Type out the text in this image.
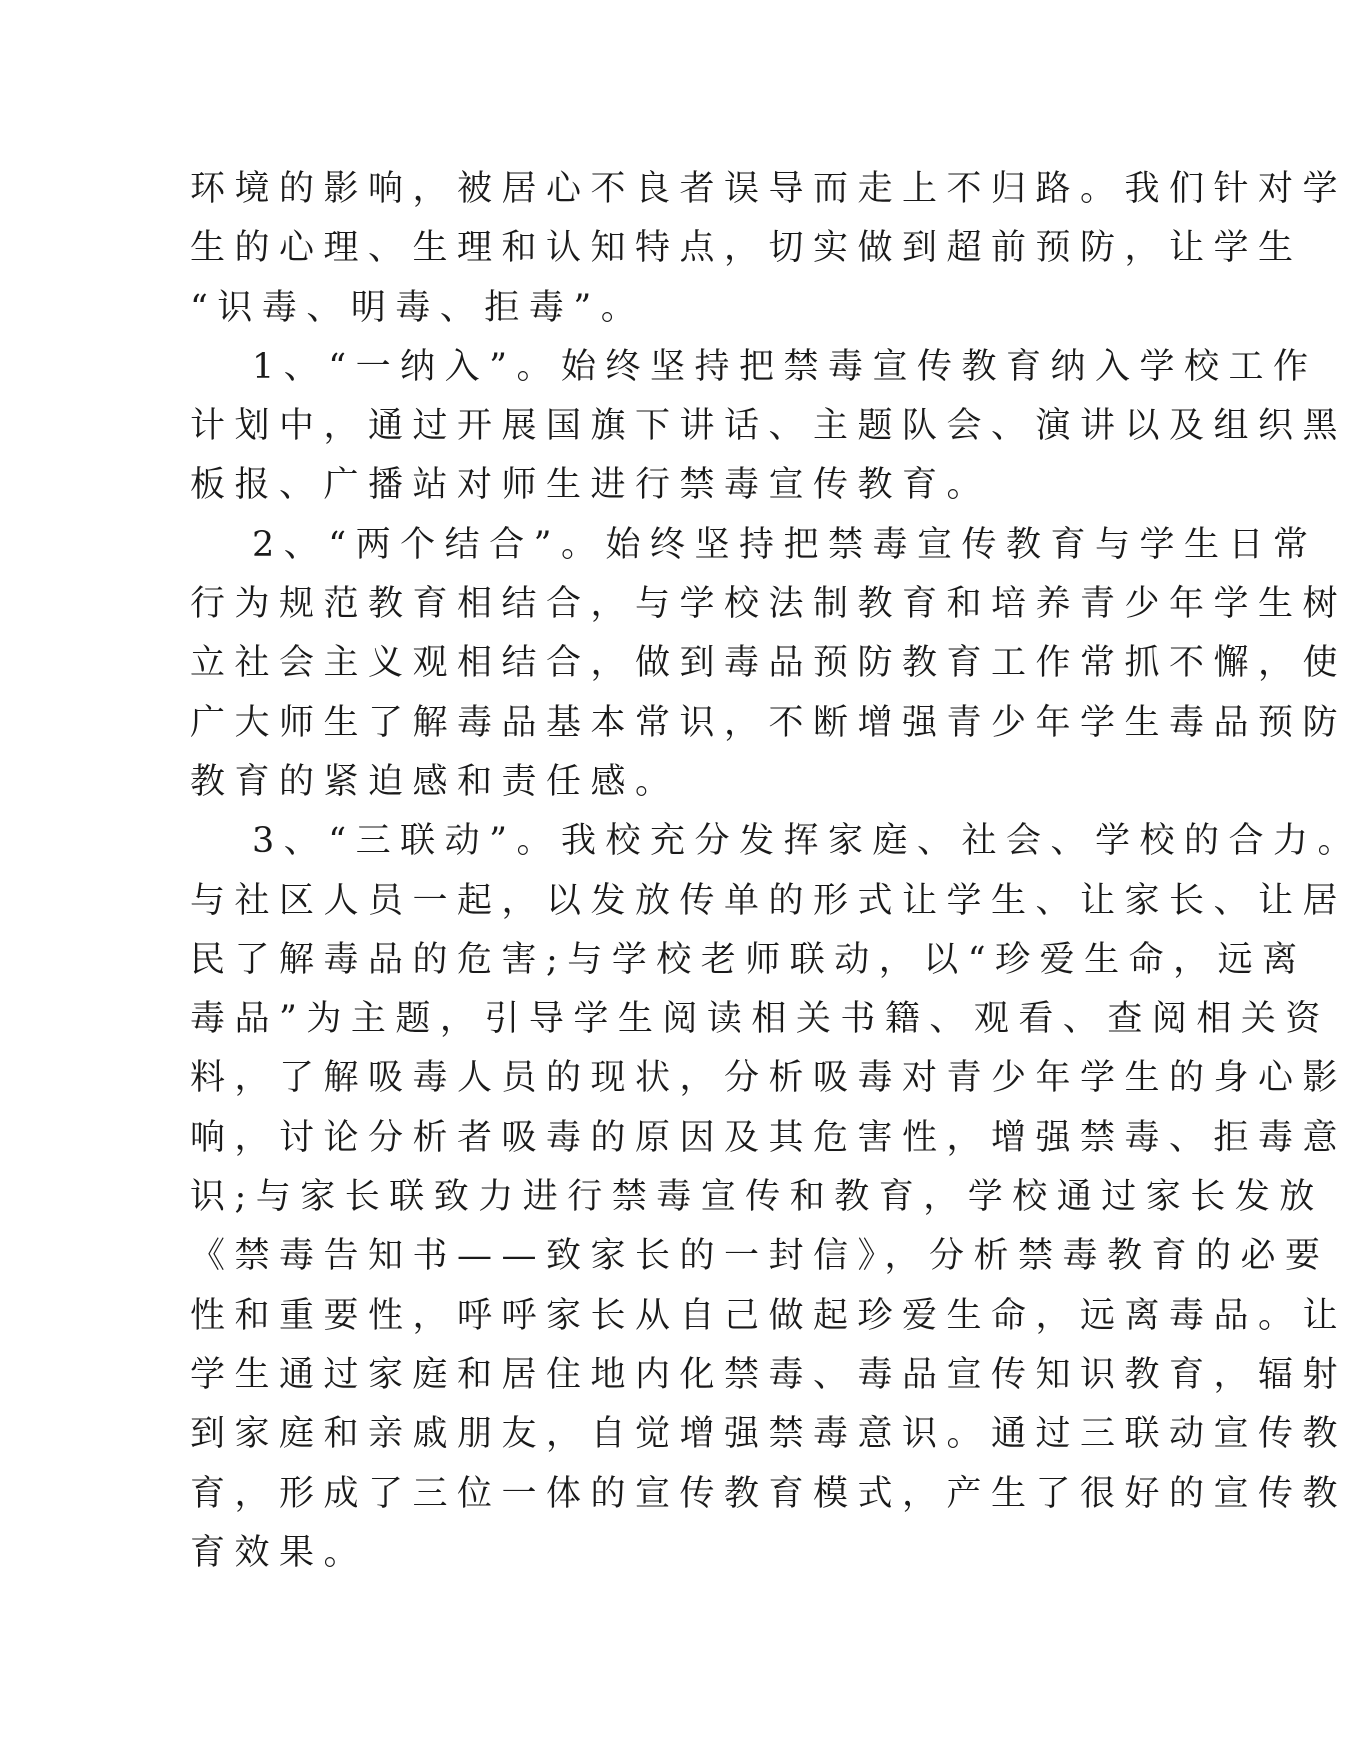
环境的影响，被居心不良者误导而走上不归路。我们针对学
生的心理、生理和认知特点，切实做到超前预防，让学生
“识毒、明毒、拒毒”。
1、“一纳入”。始终坚持把禁毒宣传教育纳入学校工作
计划中，通过开展国旗下讲话、主题队会、演讲以及组织黑
板报、广播站对师生进行禁毒宣传教育。
2、“两个结合”。始终坚持把禁毒宣传教育与学生日常
行为规范教育相结合，与学校法制教育和培养青少年学生树
立社会主义观相结合，做到毒品预防教育工作常抓不懈，使
广大师生了解毒品基本常识，不断增强青少年学生毒品预防
教育的紧迫感和责任感。
3、“三联动”。我校充分发挥家庭、社会、学校的合力。
与社区人员一起，以发放传单的形式让学生、让家长、让居
民了解毒品的危害;与学校老师联动，以“珍爱生命，远离
毒品”为主题，引导学生阅读相关书籍、观看、查阅相关资
料，了解吸毒人员的现状，分析吸毒对青少年学生的身心影
响，讨论分析者吸毒的原因及其危害性，增强禁毒、拒毒意
识;与家长联致力进行禁毒宣传和教育，学校通过家长发放
《禁毒告知书——致家长的一封信》，分析禁毒教育的必要
性和重要性，呼呼家长从自己做起珍爱生命，远离毒品。让
学生通过家庭和居住地内化禁毒、毒品宣传知识教育，辐射
到家庭和亲戚朋友，自觉增强禁毒意识。通过三联动宣传教
育，形成了三位一体的宣传教育模式，产生了很好的宣传教
育效果。
